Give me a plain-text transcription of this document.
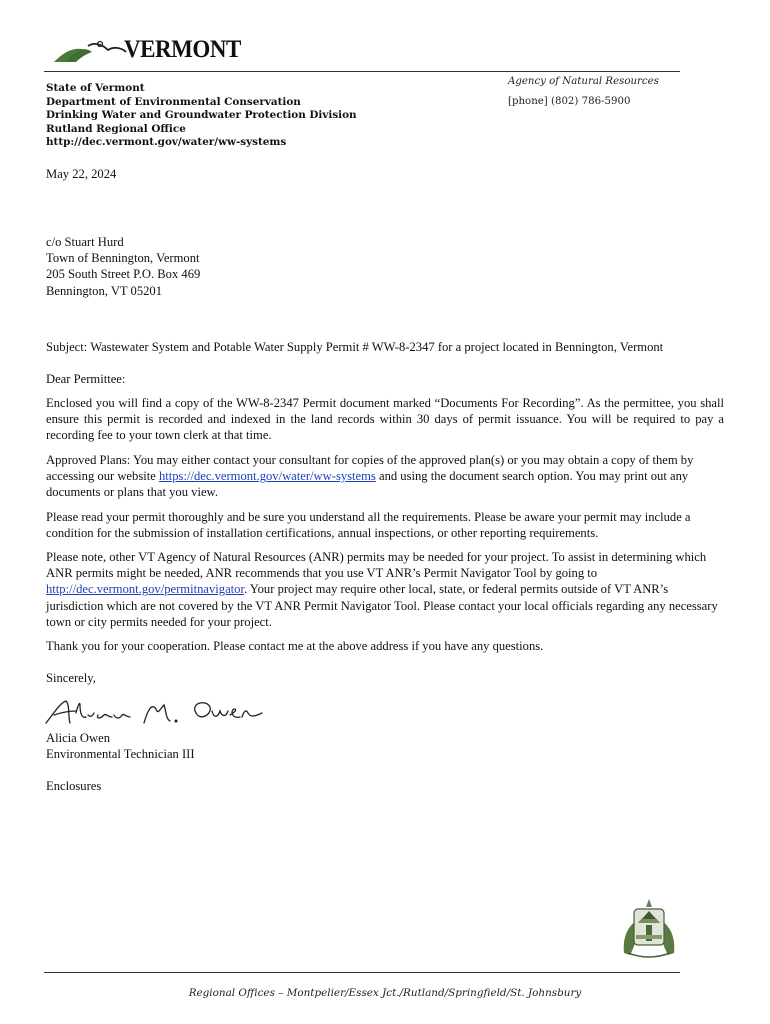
VERMONT
State of Vermont
Department of Environmental Conservation
Drinking Water and Groundwater Protection Division
Rutland Regional Office
http://dec.vermont.gov/water/ww-systems
Agency of Natural Resources
[phone] (802) 786-5900
May 22, 2024
c/o Stuart Hurd
Town of Bennington, Vermont
205 South Street P.O. Box 469
Bennington, VT 05201
Subject: Wastewater System and Potable Water Supply Permit # WW-8-2347 for a project located in Bennington, Vermont
Dear Permittee:
Enclosed you will find a copy of the WW-8-2347 Permit document marked “Documents For Recording”. As the permittee, you shall ensure this permit is recorded and indexed in the land records within 30 days of permit issuance. You will be required to pay a recording fee to your town clerk at that time.
Approved Plans: You may either contact your consultant for copies of the approved plan(s) or you may obtain a copy of them by accessing our website https://dec.vermont.gov/water/ww-systems and using the document search option. You may print out any documents or plans that you view.
Please read your permit thoroughly and be sure you understand all the requirements. Please be aware your permit may include a condition for the submission of installation certifications, annual inspections, or other reporting requirements.
Please note, other VT Agency of Natural Resources (ANR) permits may be needed for your project. To assist in determining which ANR permits might be needed, ANR recommends that you use VT ANR’s Permit Navigator Tool by going to http://dec.vermont.gov/permitnavigator. Your project may require other local, state, or federal permits outside of VT ANR’s jurisdiction which are not covered by the VT ANR Permit Navigator Tool. Please contact your local officials regarding any necessary town or city permits needed for your project.
Thank you for your cooperation. Please contact me at the above address if you have any questions.
Sincerely,
Alicia Owen
Environmental Technician III
Enclosures
Regional Offices – Montpelier/Essex Jct./Rutland/Springfield/St. Johnsbury
